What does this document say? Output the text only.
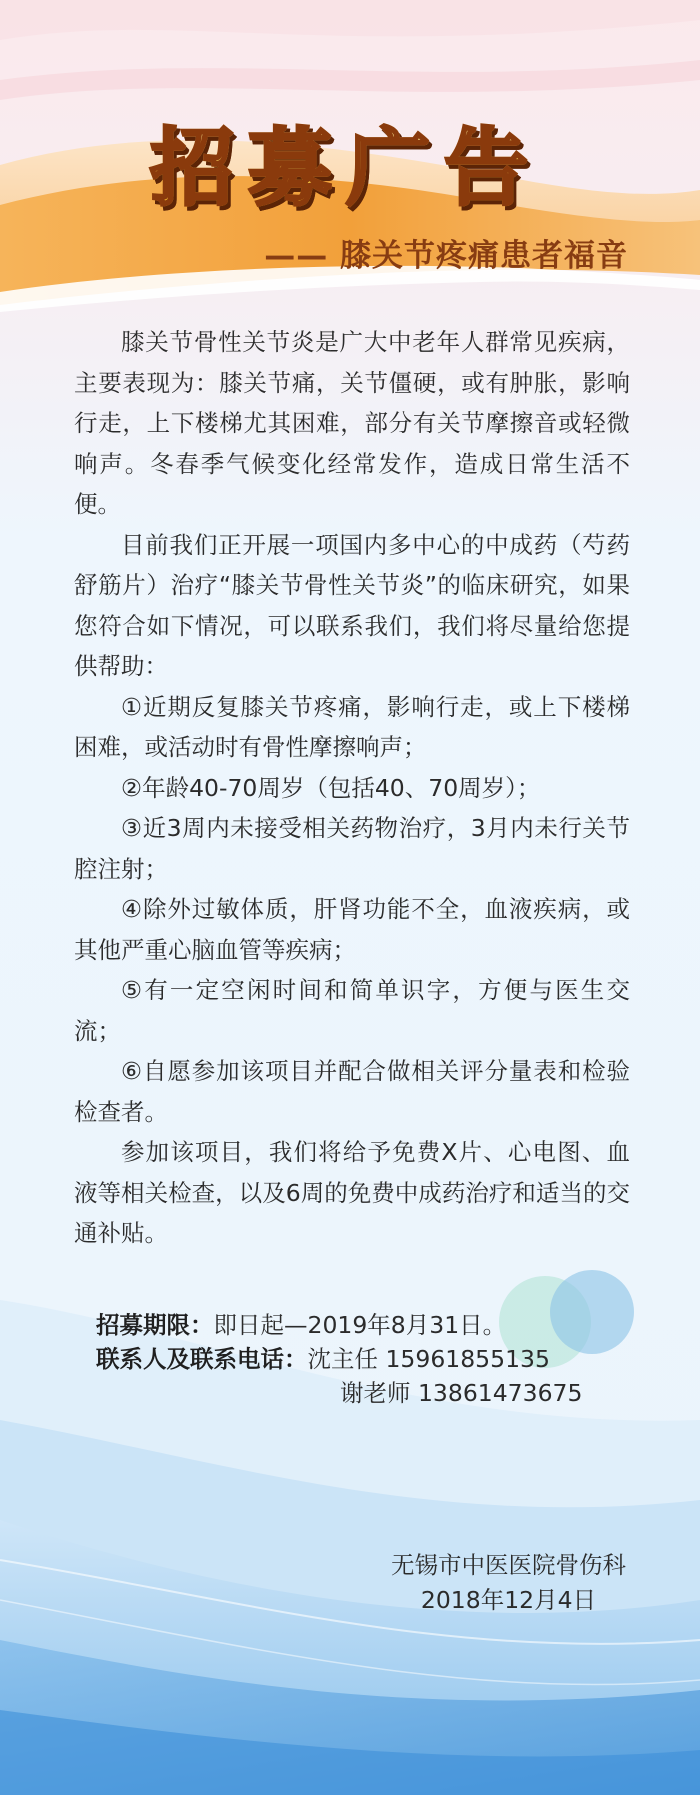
招募广告
—— 膝关节疼痛患者福音

膝关节骨性关节炎是广大中老年人群常见疾病，主要表现为：膝关节痛，关节僵硬，或有肿胀，影响行走，上下楼梯尤其困难，部分有关节摩擦音或轻微响声。冬春季气候变化经常发作，造成日常生活不便。

目前我们正开展一项国内多中心的中成药（芍药舒筋片）治疗“膝关节骨性关节炎”的临床研究，如果您符合如下情况，可以联系我们，我们将尽量给您提供帮助：

①近期反复膝关节疼痛，影响行走，或上下楼梯困难，或活动时有骨性摩擦响声；

②年龄40-70周岁（包括40、70周岁）；

③近3周内未接受相关药物治疗，3月内未行关节腔注射；

④除外过敏体质，肝肾功能不全，血液疾病，或其他严重心脑血管等疾病；

⑤有一定空闲时间和简单识字，方便与医生交流；

⑥自愿参加该项目并配合做相关评分量表和检验检查者。

参加该项目，我们将给予免费X片、心电图、血液等相关检查，以及6周的免费中成药治疗和适当的交通补贴。

招募期限：即日起—2019年8月31日。
联系人及联系电话：沈主任 15961855135
谢老师 13861473675
无锡市中医医院骨伤科
2018年12月4日
